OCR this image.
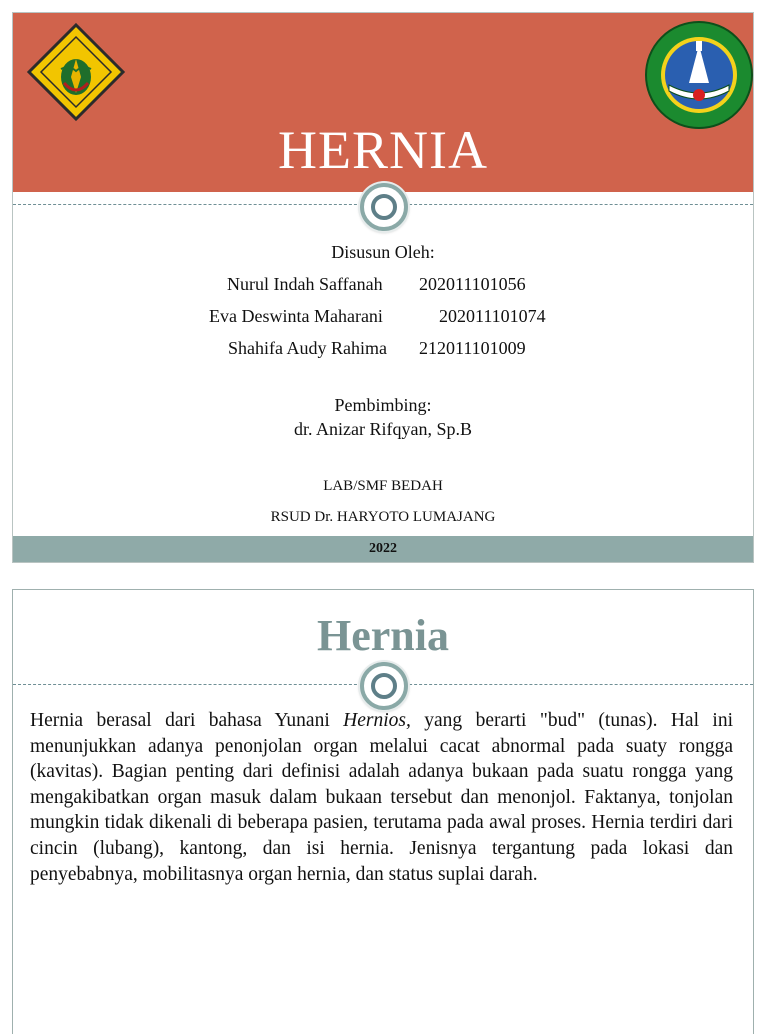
HERNIA
Disusun Oleh:
Nurul Indah Saffanah 202011101056
Eva Deswinta Maharani	202011101074
Shahifa Audy Rahima 212011101009
Pembimbing:
dr. Anizar Rifqyan, Sp.B
LAB/SMF BEDAH
RSUD Dr. HARYOTO LUMAJANG
2022
Hernia
Hernia berasal dari bahasa Yunani Hernios, yang berarti "bud" (tunas). Hal ini menunjukkan adanya penonjolan organ melalui cacat abnormal pada suaty rongga (kavitas). Bagian penting dari definisi adalah adanya bukaan pada suatu rongga yang mengakibatkan organ masuk dalam bukaan tersebut dan menonjol. Faktanya, tonjolan mungkin tidak dikenali di beberapa pasien, terutama pada awal proses. Hernia terdiri dari cincin (lubang), kantong, dan isi hernia. Jenisnya tergantung pada lokasi dan penyebabnya, mobilitasnya organ hernia, dan status suplai darah.
